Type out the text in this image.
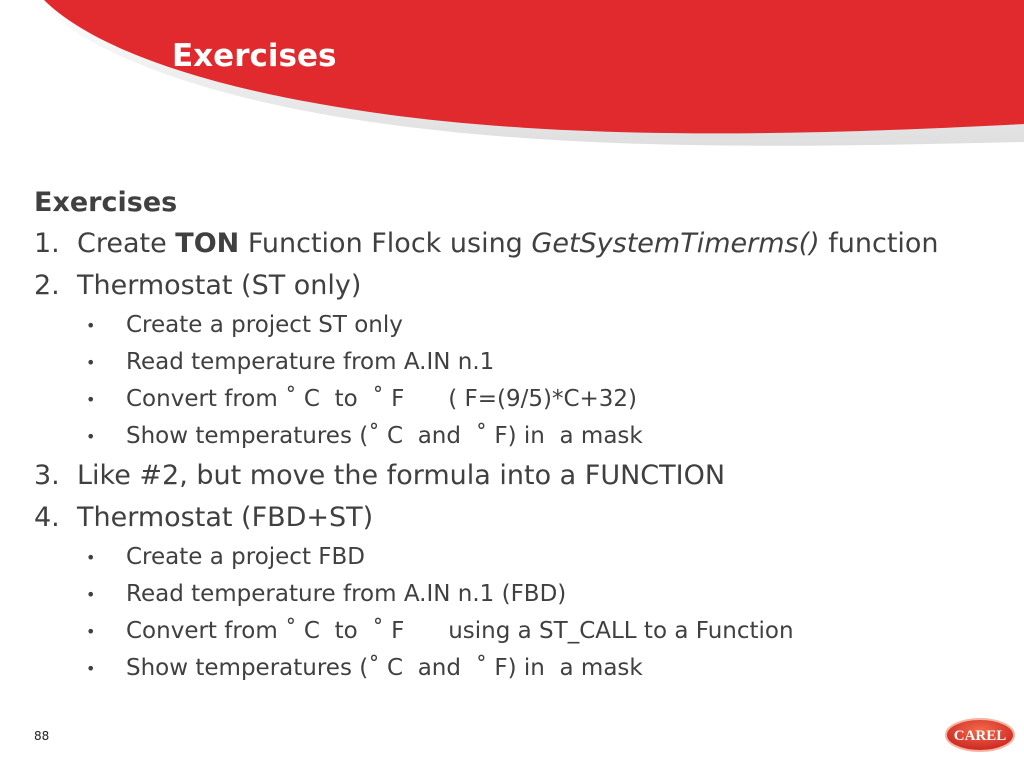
Exercises
Exercises
1. Create TON Function Flock using GetSystemTimerms() function
2. Thermostat (ST only)
• Create a project ST only
• Read temperature from A.IN n.1
• Convert from ˚ C  to  ˚ F      ( F=(9/5)*C+32)
• Show temperatures (˚ C  and  ˚ F) in  a mask
3. Like #2, but move the formula into a FUNCTION
4. Thermostat (FBD+ST)
• Create a project FBD
• Read temperature from A.IN n.1 (FBD)
• Convert from ˚ C  to  ˚ F      using a ST_CALL to a Function
• Show temperatures (˚ C  and  ˚ F) in  a mask
88	CAREL
